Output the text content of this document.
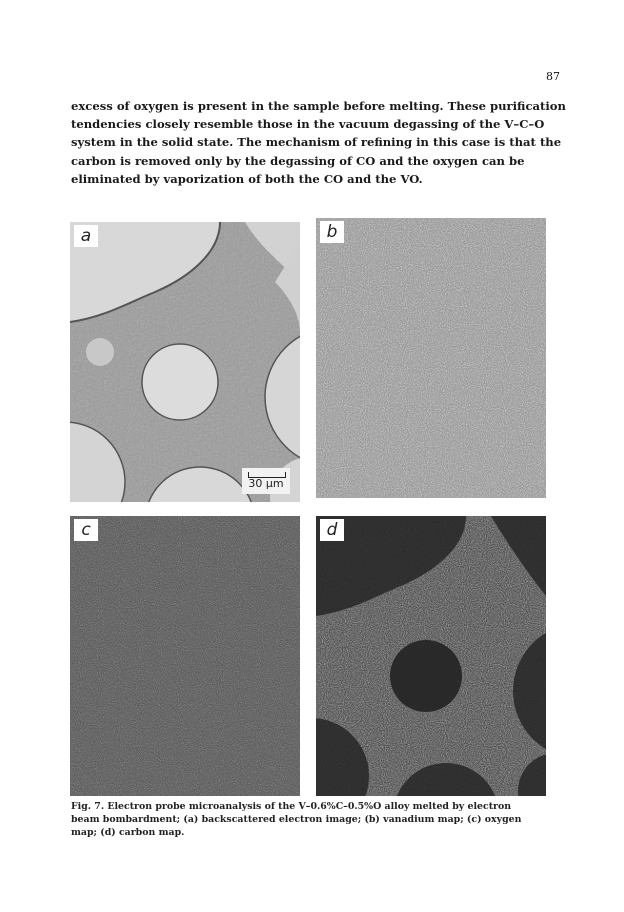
87
excess of oxygen is present in the sample before melting. These purification
tendencies closely resemble those in the vacuum degassing of the V–C–O
system in the solid state. The mechanism of refining in this case is that the
carbon is removed only by the degassing of CO and the oxygen can be
eliminated by vaporization of both the CO and the VO.
a
30 μm
b
c	d
Fig. 7. Electron probe microanalysis of the V–0.6%C–0.5%O alloy melted by electron
beam bombardment; (a) backscattered electron image; (b) vanadium map; (c) oxygen
map; (d) carbon map.
